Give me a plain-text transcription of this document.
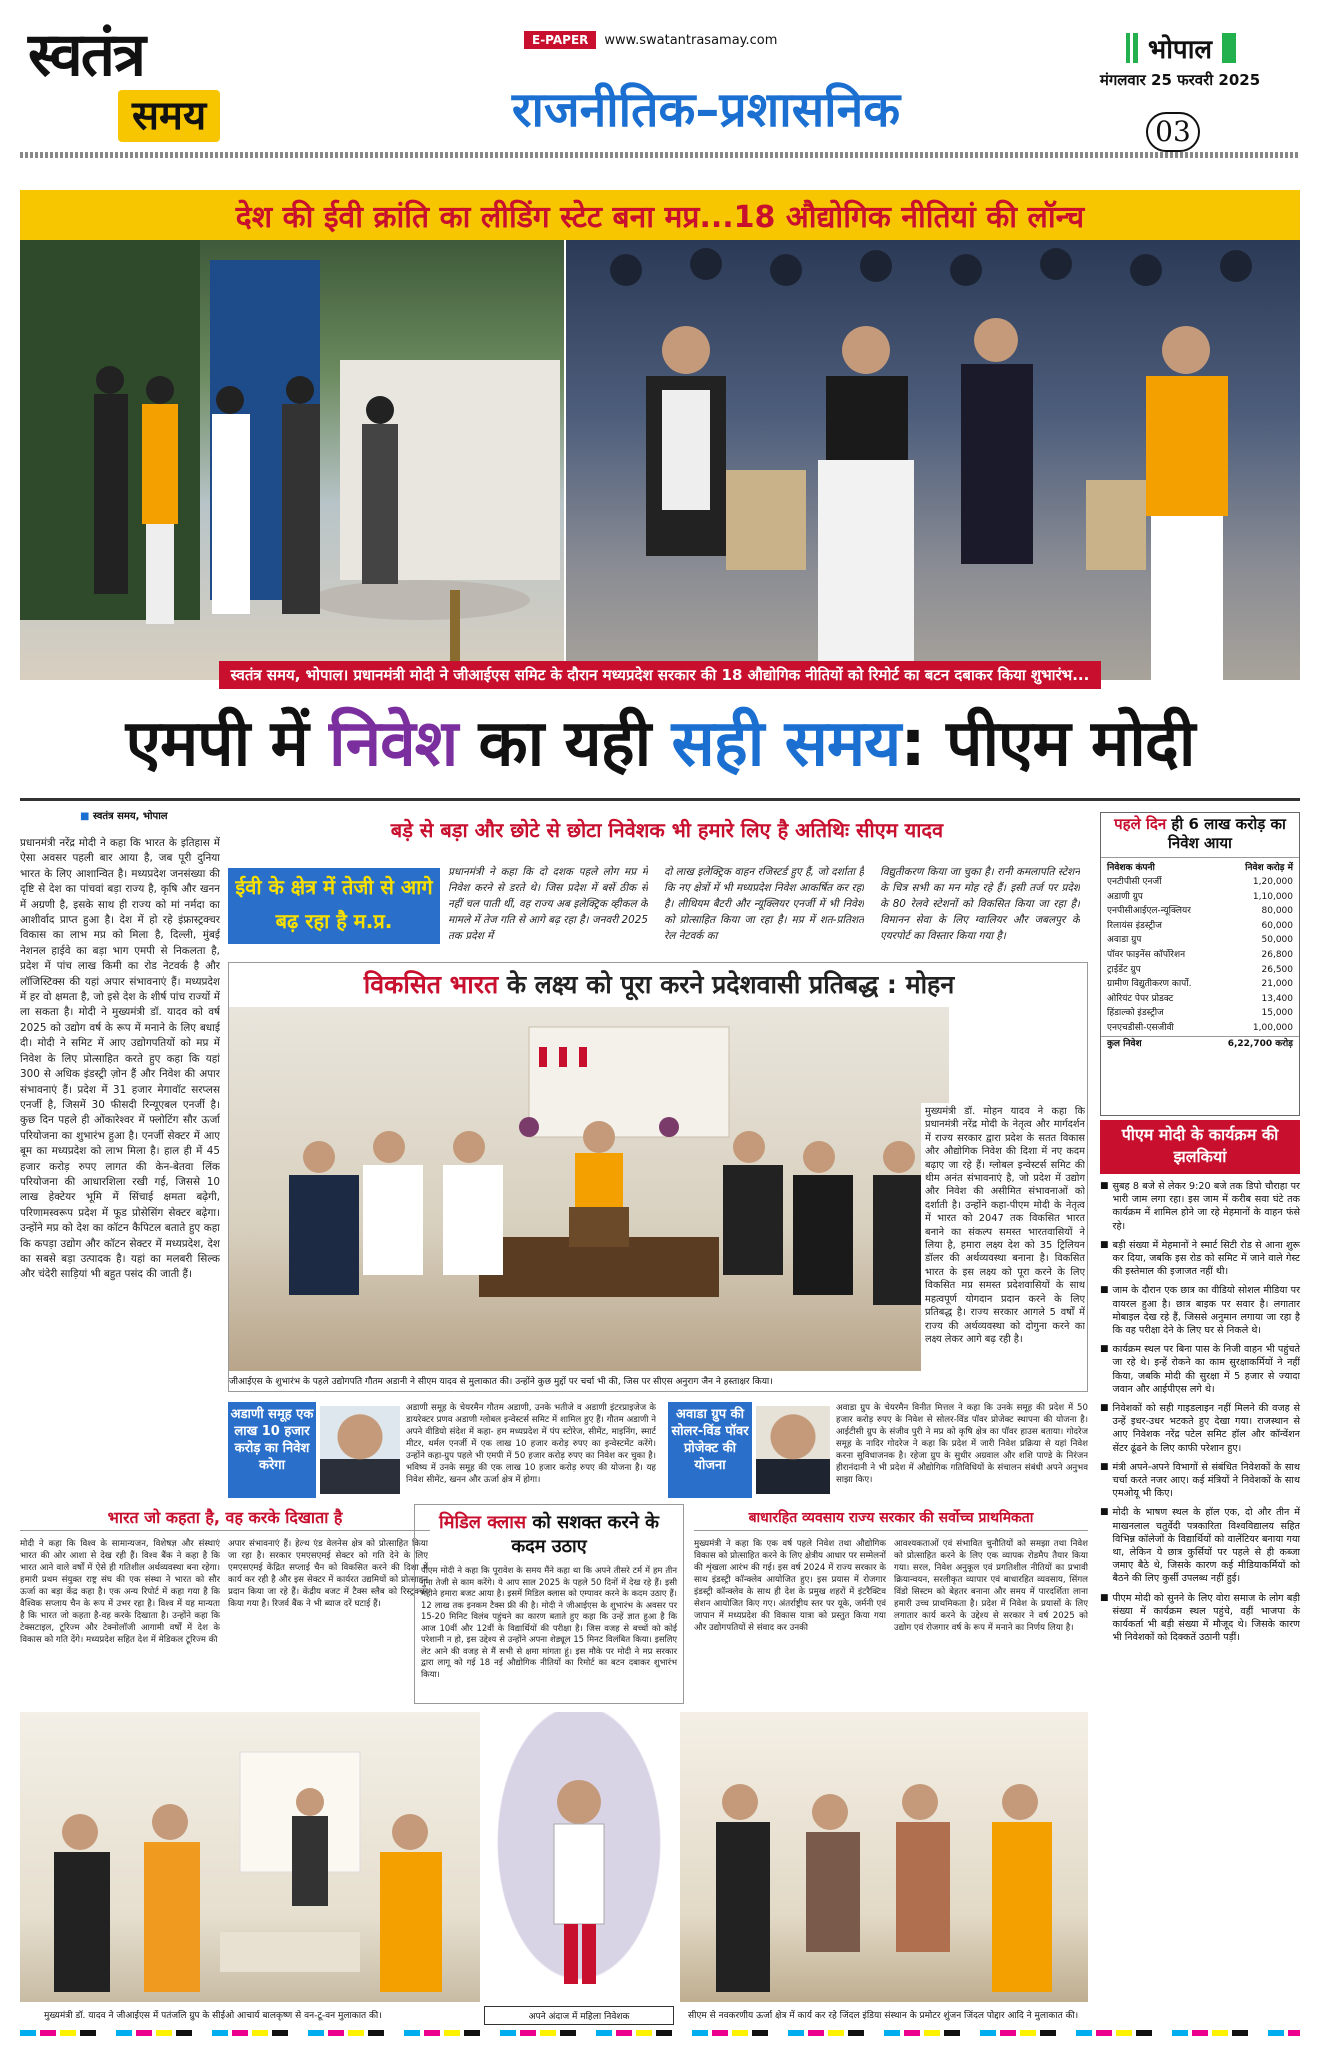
स्वतंत्र
समय
E-PAPER	www.swatantrasamay.com
राजनीतिक–प्रशासनिक
भोपाल
मंगलवार 25 फरवरी 2025
03
देश की ईवी क्रांति का लीडिंग स्टेट बना मप्र...18 औद्योगिक नीतियां की लॉन्च
स्वतंत्र समय, भोपाल। प्रधानमंत्री मोदी ने जीआईएस समिट के दौरान मध्यप्रदेश सरकार की 18 औद्योगिक नीतियों को रिमोर्ट का बटन दबाकर किया शुभारंभ...
एमपी में निवेश का यही सही समय: पीएम मोदी
■ स्वतंत्र समय, भोपाल
प्रधानमंत्री नरेंद्र मोदी ने कहा कि भारत के इतिहास में ऐसा अवसर पहली बार आया है, जब पूरी दुनिया भारत के लिए आशान्वित है। मध्यप्रदेश जनसंख्या की दृष्टि से देश का पांचवां बड़ा राज्य है, कृषि और खनन में अग्रणी है, इसके साथ ही राज्य को मां नर्मदा का आशीर्वाद प्राप्त हुआ है। देश में हो रहे इंफ्रास्ट्रक्चर विकास का लाभ मप्र को मिला है, दिल्ली, मुंबई नेशनल हाईवे का बड़ा भाग एमपी से निकलता है, प्रदेश में पांच लाख किमी का रोड नेटवर्क है और लॉजिस्टिक्स की यहां अपार संभावनाएं हैं। मध्यप्रदेश में हर वो क्षमता है, जो इसे देश के शीर्ष पांच राज्यों में ला सकता है। मोदी ने मुख्यमंत्री डॉ. यादव को वर्ष 2025 को उद्योग वर्ष के रूप में मनाने के लिए बधाई दी। मोदी ने समिट में आए उद्योगपतियों को मप्र में निवेश के लिए प्रोत्साहित करते हुए कहा कि यहां 300 से अधिक इंडस्ट्री ज़ोन हैं और निवेश की अपार संभावनाएं हैं। प्रदेश में 31 हजार मेगावॉट सरप्लस एनर्जी है, जिसमें 30 फीसदी रिन्यूएबल एनर्जी है। कुछ दिन पहले ही ओंकारेश्वर में फ्लोटिंग सौर ऊर्जा परियोजना का शुभारंभ हुआ है। एनर्जी सेक्टर में आए बूम का मध्यप्रदेश को लाभ मिला है। हाल ही में 45 हजार करोड़ रुपए लागत की केन-बेतवा लिंक परियोजना की आधारशिला रखी गई, जिससे 10 लाख हेक्टेयर भूमि में सिंचाई क्षमता बढ़ेगी, परिणामस्वरूप प्रदेश में फूड प्रोसेसिंग सेक्टर बढ़ेगा। उन्होंने मप्र को देश का कॉटन कैपिटल बताते हुए कहा कि कपड़ा उद्योग और कॉटन सेक्टर में मध्यप्रदेश, देश का सबसे बड़ा उत्पादक है। यहां का मलबरी सिल्क और चंदेरी साड़ियां भी बहुत पसंद की जाती हैं।
बड़े से बड़ा और छोटे से छोटा निवेशक भी हमारे लिए है अतिथिः सीएम यादव
ईवी के क्षेत्र में तेजी से आगे बढ़ रहा है म.प्र.
प्रधानमंत्री ने कहा कि दो दशक पहले लोग मप्र में निवेश करने से डरते थे। जिस प्रदेश में बसें ठीक से नहीं चल पाती थीं, वह राज्य अब इलेक्ट्रिक व्हीकल के मामले में तेज गति से आगे बढ़ रहा है। जनवरी 2025 तक प्रदेश में
दो लाख इलेक्ट्रिक वाहन रजिस्टर्ड हुए हैं, जो दर्शाता है कि नए क्षेत्रों में भी मध्यप्रदेश निवेश आकर्षित कर रहा है। लीथियम बैटरी और न्यूक्लियर एनर्जी में भी निवेश को प्रोत्साहित किया जा रहा है। मप्र में शत-प्रतिशत रेल नेटवर्क का
विद्युतीकरण किया जा चुका है। रानी कमलापति स्टेशन के चित्र सभी का मन मोह रहे हैं। इसी तर्ज पर प्रदेश के 80 रेलवे स्टेशनों को विकसित किया जा रहा है। विमानन सेवा के लिए ग्वालियर और जबलपुर के एयरपोर्ट का विस्तार किया गया है।
विकसित भारत के लक्ष्य को पूरा करने प्रदेशवासी प्रतिबद्ध : मोहन
जीआईएस के शुभारंभ के पहले उद्योगपति गौतम अडानी ने सीएम यादव से मुलाकात की। उन्होंने कुछ मुद्दों पर चर्चा भी की, जिस पर सीएस अनुराग जैन ने हस्ताक्षर किया।
मुख्यमंत्री डॉ. मोहन यादव ने कहा कि प्रधानमंत्री नरेंद्र मोदी के नेतृत्व और मार्गदर्शन में राज्य सरकार द्वारा प्रदेश के सतत विकास और औद्योगिक निवेश की दिशा में नए कदम बढ़ाए जा रहे हैं। ग्लोबल इन्वेस्टर्स समिट की थीम अनंत संभावनाएं है, जो प्रदेश में उद्योग और निवेश की असीमित संभावनाओं को दर्शाती है। उन्होंने कहा-पीएम मोदी के नेतृत्व में भारत को 2047 तक विकसित भारत बनाने का संकल्प समस्त भारतवासियों ने लिया है, हमारा लक्ष्य देश को 35 ट्रिलियन डॉलर की अर्थव्यवस्था बनाना है। विकसित भारत के इस लक्ष्य को पूरा करने के लिए विकसित मप्र समस्त प्रदेशवासियों के साथ महत्वपूर्ण योगदान प्रदान करने के लिए प्रतिबद्ध है। राज्य सरकार आगले 5 वर्षों में राज्य की अर्थव्यवस्था को दोगुना करने का लक्ष्य लेकर आगे बढ़ रही है।
अडाणी समूह एक लाख 10 हजार करोड़ का निवेश करेगा
अडाणी समूह के चेयरमैन गौतम अडाणी, उनके भतीजे व अडाणी इंटरप्राइजेज के डायरेक्टर प्रणव अडाणी ग्लोबल इन्वेस्टर्स समिट में शामिल हुए हैं। गौतम अडाणी ने अपने वीडियो संदेश में कहा- हम मध्यप्रदेश में पंप स्टोरेज, सीमेंट, माइनिंग, स्मार्ट मीटर, थर्मल एनर्जी में एक लाख 10 हजार करोड़ रुपए का इन्वेस्टमेंट करेंगे। उन्होंने कहा-ग्रुप पहले भी एमपी में 50 हजार करोड़ रुपए का निवेश कर चुका है। भविष्य में उनके समूह की एक लाख 10 हजार करोड़ रुपए की योजना है। यह निवेश सीमेंट, खनन और ऊर्जा क्षेत्र में होगा।
अवाडा ग्रुप की सोलर-विंड पॉवर प्रोजेक्ट की योजना
अवाडा ग्रुप के चेयरमैन विनीत मित्तल ने कहा कि उनके समूह की प्रदेश में 50 हजार करोड़ रुपए के निवेश से सोलर-विंड पॉवर प्रोजेक्ट स्थापना की योजना है। आईटीसी ग्रुप के संजीव पुरी ने मप्र को कृषि क्षेत्र का पॉवर हाउस बताया। गोदरेज समूह के नादिर गोदरेज ने कहा कि प्रदेश में जारी निवेश प्रक्रिया से यहां निवेश करना सुविधाजनक है। रहेजा ग्रुप के सुधीर अग्रवाल और शशि पाण्डे के निरंजन हीरानंदानी ने भी प्रदेश में औद्योगिक गतिविधियों के संचालन संबंधी अपने अनुभव साझा किए।
पहले दिन ही 6 लाख करोड़ का निवेश आया
निवेशक कंपनी	निवेश करोड़ में
एनटीपीसी एनर्जी	1,20,000
अडाणी ग्रुप	1,10,000
एनपीसीआईएल-न्यूक्लियर	80,000
रिलायंस इंडस्ट्रीज	60,000
अवाडा ग्रुप	50,000
पॉवर फाइनेंस कॉर्पोरेशन	26,800
ट्राईडेंट ग्रुप	26,500
ग्रामीण विद्युतीकरण कार्पो.	21,000
ओरियंट पेपर प्रोडक्ट	13,400
हिंडाल्को इंडस्ट्रीज	15,000
एनएचडीसी-एसजीवी	1,00,000
कुल निवेश	6,22,700 करोड़
पीएम मोदी के कार्यक्रम की झलकियां
■ सुबह 8 बजे से लेकर 9:20 बजे तक डिपो चौराहा पर भारी जाम लगा रहा। इस जाम में करीब सवा घंटे तक कार्यक्रम में शामिल होने जा रहे मेहमानों के वाहन फंसे रहे।
■ बड़ी संख्या में मेहमानों ने स्मार्ट सिटी रोड से आना शुरू कर दिया, जबकि इस रोड को समिट में जाने वाले गेस्ट की इस्तेमाल की इजाजत नहीं थी।
■ जाम के दौरान एक छात्र का वीडियो सोशल मीडिया पर वायरल हुआ है। छात्र बाइक पर सवार है। लगातार मोबाइल देख रहे हैं, जिससे अनुमान लगाया जा रहा है कि वह परीक्षा देने के लिए घर से निकले थे।
■ कार्यक्रम स्थल पर बिना पास के निजी वाहन भी पहुंचते जा रहे थे। इन्हें रोकने का काम सुरक्षाकर्मियों ने नहीं किया, जबकि मोदी की सुरक्षा में 5 हजार से ज्यादा जवान और आईपीएस लगे थे।
■ निवेशकों को सही गाइडलाइन नहीं मिलने की वजह से उन्हें इधर-उधर भटकते हुए देखा गया। राजस्थान से आए निवेशक नरेंद्र पटेल समिट हॉल और कॉन्वेंशन सेंटर ढूंढने के लिए काफी परेशान हुए।
■ मंत्री अपने-अपने विभागों से संबंधित निवेशकों के साथ चर्चा करते नजर आए। कई मंत्रियों ने निवेशकों के साथ एमओयू भी किए।
■ मोदी के भाषण स्थल के हॉल एक, दो और तीन में माखनलाल चतुर्वेदी पत्रकारिता विश्वविद्यालय सहित विभिन्न कॉलेजों के विद्यार्थियों को वालेंटियर बनाया गया था, लेकिन ये छात्र कुर्सियों पर पहले से ही कब्जा जमाए बैठे थे, जिसके कारण कई मीडियाकर्मियों को बैठने की लिए कुर्सी उपलब्ध नहीं हुई।
■ पीएम मोदी को सुनने के लिए वोरा समाज के लोग बड़ी संख्या में कार्यक्रम स्थल पहुंचे, वहीं भाजपा के कार्यकर्ता भी बड़ी संख्या में मौजूद थे। जिसके कारण भी निवेशकों को दिक्कतें उठानी पड़ीं।
भारत जो कहता है, वह करके दिखाता है
मोदी ने कहा कि विश्व के सामान्यजन, विशेषज्ञ और संस्थाएं भारत की ओर आशा से देख रही हैं। विश्व बैंक ने कहा है कि भारत आने वाले वर्षों में ऐसे ही गतिशील अर्थव्यवस्था बना रहेगा। हमारी प्रथम संयुक्त राष्ट्र संघ की एक संस्था ने भारत को सौर ऊर्जा का बड़ा केंद्र कहा है। एक अन्य रिपोर्ट में कहा गया है कि वैश्विक सप्लाय चैन के रूप में उभर रहा है। विश्व में यह मान्यता है कि भारत जो कहता है-वह करके दिखाता है। उन्होंने कहा कि टेक्सटाइल, टूरिज्म और टेक्नोलॉजी आगामी वर्षों में देश के विकास को गति देंगे। मध्यप्रदेश सहित देश में मेडिकल टूरिज्म की
अपार संभावनाएं हैं। हेल्थ एंड वेलनेस क्षेत्र को प्रोत्साहित किया जा रहा है। सरकार एमएसएमई सेक्टर को गति देने के लिए एमएसएमई केंद्रित सप्लाई चैन को विकसित करने की दिशा में कार्य कर रही है और इस सेक्टर में कार्यरत उद्यमियों को प्रोत्साहन प्रदान किया जा रहे हैं। केंद्रीय बजट में टैक्स स्लैब को रिस्ट्रक्चर किया गया है। रिजर्व बैंक ने भी ब्याज दरें घटाई हैं।
मिडिल क्लास को सशक्त करने के कदम उठाए
पीएम मोदी ने कहा कि पूरावेश के समय मैंने कहा था कि अपने तीसरे टर्म में हम तीन गुना तेजी से काम करेंगे। ये आप साल 2025 के पहले 50 दिनों में देख रहे हैं। इसी महीने हमारा बजट आया है। इसमें मिडिल क्लास को एम्पावर करने के कदम उठाए हैं। 12 लाख तक इनकम टैक्स फ्री की है। मोदी ने जीआईएस के शुभारंभ के अवसर पर 15-20 मिनिट विलंब पहुंचने का कारण बताते हुए कहा कि उन्हें ज्ञात हुआ है कि आज 10वीं और 12वीं के विद्यार्थियों की परीक्षा है। जिस वजह से बच्चों को कोई परेशानी न हो, इस उद्देश्य से उन्होंने अपना शेड्यूल 15 मिनट विलंबित किया। इसलिए लेट आने की वजह से मैं सभी से क्षमा मांगता हूं। इस मौके पर मोदी ने मप्र सरकार द्वारा लागू को गई 18 नई औद्योगिक नीतियों का रिमोर्ट का बटन दबाकर शुभारंभ किया।
बाधारहित व्यवसाय राज्य सरकार की सर्वोच्च प्राथमिकता
मुख्यमंत्री ने कहा कि एक वर्ष पहले निवेश तथा औद्योगिक विकास को प्रोत्साहित करने के लिए क्षेत्रीय आधार पर सम्मेलनों की शृंखला आरंभ की गई। इस वर्ष 2024 में राज्य सरकार के साथ इंडस्ट्री कॉन्क्लेव आयोजित हुए। इस प्रयास में रोजगार इंडस्ट्री कॉन्क्लेव के साथ ही देश के प्रमुख शहरों में इंटरैक्टिव सेशन आयोजित किए गए। अंतर्राष्ट्रीय स्तर पर यूके, जर्मनी एवं जापान में मध्यप्रदेश की विकास यात्रा को प्रस्तुत किया गया और उद्योगपतियों से संवाद कर उनकी
आवश्यकताओं एवं संभावित चुनौतियों को समझा तथा निवेश को प्रोत्साहित करने के लिए एक व्यापक रोडमैप तैयार किया गया। सरल, निवेश अनुकूल एवं प्रगतिशील नीतियों का प्रभावी क्रियान्वयन, सरलीकृत व्यापार एवं बाधारहित व्यवसाय, सिंगल विंडो सिस्टम को बेहतर बनाना और समय में पारदर्शिता लाना हमारी उच्च प्राथमिकता है। प्रदेश में निवेश के प्रयासों के लिए लगातार कार्य करने के उद्देश्य से सरकार ने वर्ष 2025 को उद्योग एवं रोजगार वर्ष के रूप में मनाने का निर्णय लिया है।
मुख्यमंत्री डॉ. यादव ने जीआईएस में पतंजलि ग्रुप के सीईओ आचार्य बालकृष्ण से वन-टू-वन मुलाकात की।	अपने अंदाज में महिला निवेशक	सीएम से नवकरणीय ऊर्जा क्षेत्र में कार्य कर रहे जिंदल इंडिया संस्थान के प्रमोटर शुंजन जिंदल पोद्दार आदि ने मुलाकात की।
